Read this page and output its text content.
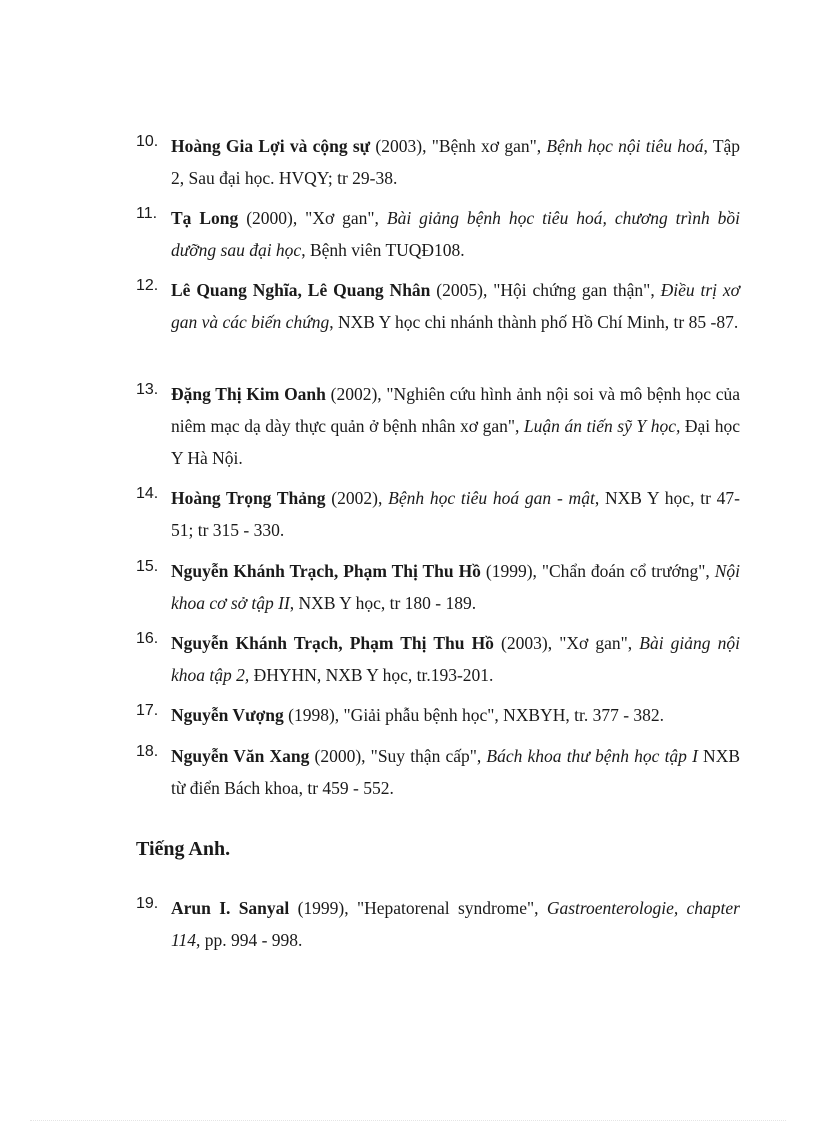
10. Hoàng Gia Lợi và cộng sự (2003), "Bệnh xơ gan", Bệnh học nội tiêu hoá, Tập 2, Sau đại học. HVQY; tr 29-38.
11. Tạ Long (2000), "Xơ gan", Bài giảng bệnh học tiêu hoá, chương trình bồi dưỡng sau đại học, Bệnh viên TUQĐ108.
12. Lê Quang Nghĩa, Lê Quang Nhân (2005), "Hội chứng gan thận", Điều trị xơ gan và các biến chứng, NXB Y học chi nhánh thành phố Hồ Chí Minh, tr 85 -87.
13. Đặng Thị Kim Oanh (2002), "Nghiên cứu hình ảnh nội soi và mô bệnh học của niêm mạc dạ dày thực quản ở bệnh nhân xơ gan", Luận án tiến sỹ Y học, Đại học Y Hà Nội.
14. Hoàng Trọng Thảng (2002), Bệnh học tiêu hoá gan - mật, NXB Y học, tr 47-51; tr 315 - 330.
15. Nguyễn Khánh Trạch, Phạm Thị Thu Hồ (1999), "Chẩn đoán cổ trướng", Nội khoa cơ sở tập II, NXB Y học, tr 180 - 189.
16. Nguyễn Khánh Trạch, Phạm Thị Thu Hồ (2003), "Xơ gan", Bài giảng nội khoa tập 2, ĐHYHN, NXB Y học, tr.193-201.
17. Nguyễn Vượng (1998), "Giải phẫu bệnh học", NXBYH, tr. 377 - 382.
18. Nguyễn Văn Xang (2000), "Suy thận cấp", Bách khoa thư bệnh học tập I NXB từ điển Bách khoa, tr 459 - 552.
Tiếng Anh.
19. Arun I. Sanyal (1999), "Hepatorenal syndrome", Gastroenterologie, chapter 114, pp. 994 - 998.
